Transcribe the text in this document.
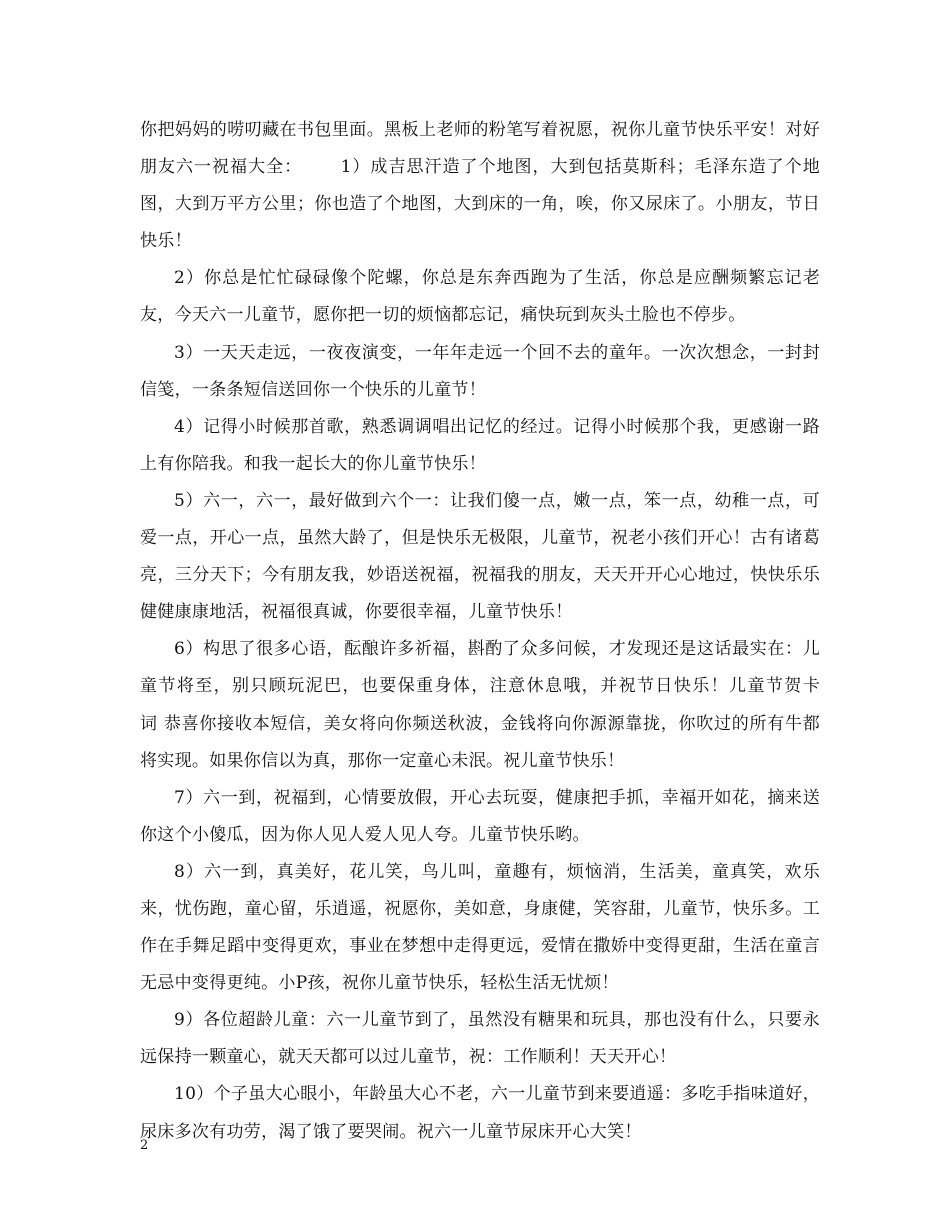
你把妈妈的唠叨藏在书包里面。黑板上老师的粉笔写着祝愿，祝你儿童节快乐平安！对好朋友六一祝福大全：      1）成吉思汗造了个地图，大到包括莫斯科；毛泽东造了个地图，大到万平方公里；你也造了个地图，大到床的一角，唉，你又尿床了。小朋友，节日快乐！

2）你总是忙忙碌碌像个陀螺，你总是东奔西跑为了生活，你总是应酬频繁忘记老友，今天六一儿童节，愿你把一切的烦恼都忘记，痛快玩到灰头土脸也不停步。

3）一天天走远，一夜夜演变，一年年走远一个回不去的童年。一次次想念，一封封信笺，一条条短信送回你一个快乐的儿童节！

4）记得小时候那首歌，熟悉调调唱出记忆的经过。记得小时候那个我，更感谢一路上有你陪我。和我一起长大的你儿童节快乐！

5）六一，六一，最好做到六个一：让我们傻一点，嫩一点，笨一点，幼稚一点，可爱一点，开心一点，虽然大龄了，但是快乐无极限，儿童节，祝老小孩们开心！古有诸葛亮，三分天下；今有朋友我，妙语送祝福，祝福我的朋友，天天开开心心地过，快快乐乐健健康康地活，祝福很真诚，你要很幸福，儿童节快乐！

6）构思了很多心语，酝酿许多祈福，斟酌了众多问候，才发现还是这话最实在：儿童节将至，别只顾玩泥巴，也要保重身体，注意休息哦，并祝节日快乐！儿童节贺卡词 恭喜你接收本短信，美女将向你频送秋波，金钱将向你源源靠拢，你吹过的所有牛都将实现。如果你信以为真，那你一定童心未泯。祝儿童节快乐！

7）六一到，祝福到，心情要放假，开心去玩耍，健康把手抓，幸福开如花，摘来送你这个小傻瓜，因为你人见人爱人见人夸。儿童节快乐哟。

8）六一到，真美好，花儿笑，鸟儿叫，童趣有，烦恼消，生活美，童真笑，欢乐来，忧伤跑，童心留，乐逍遥，祝愿你，美如意，身康健，笑容甜，儿童节，快乐多。工作在手舞足蹈中变得更欢，事业在梦想中走得更远，爱情在撒娇中变得更甜，生活在童言无忌中变得更纯。小P孩，祝你儿童节快乐，轻松生活无忧烦！

9）各位超龄儿童：六一儿童节到了，虽然没有糖果和玩具，那也没有什么，只要永远保持一颗童心，就天天都可以过儿童节，祝：工作顺利！天天开心！

10）个子虽大心眼小，年龄虽大心不老，六一儿童节到来要逍遥：多吃手指味道好，尿床多次有功劳，渴了饿了要哭闹。祝六一儿童节尿床开心大笑！

2
